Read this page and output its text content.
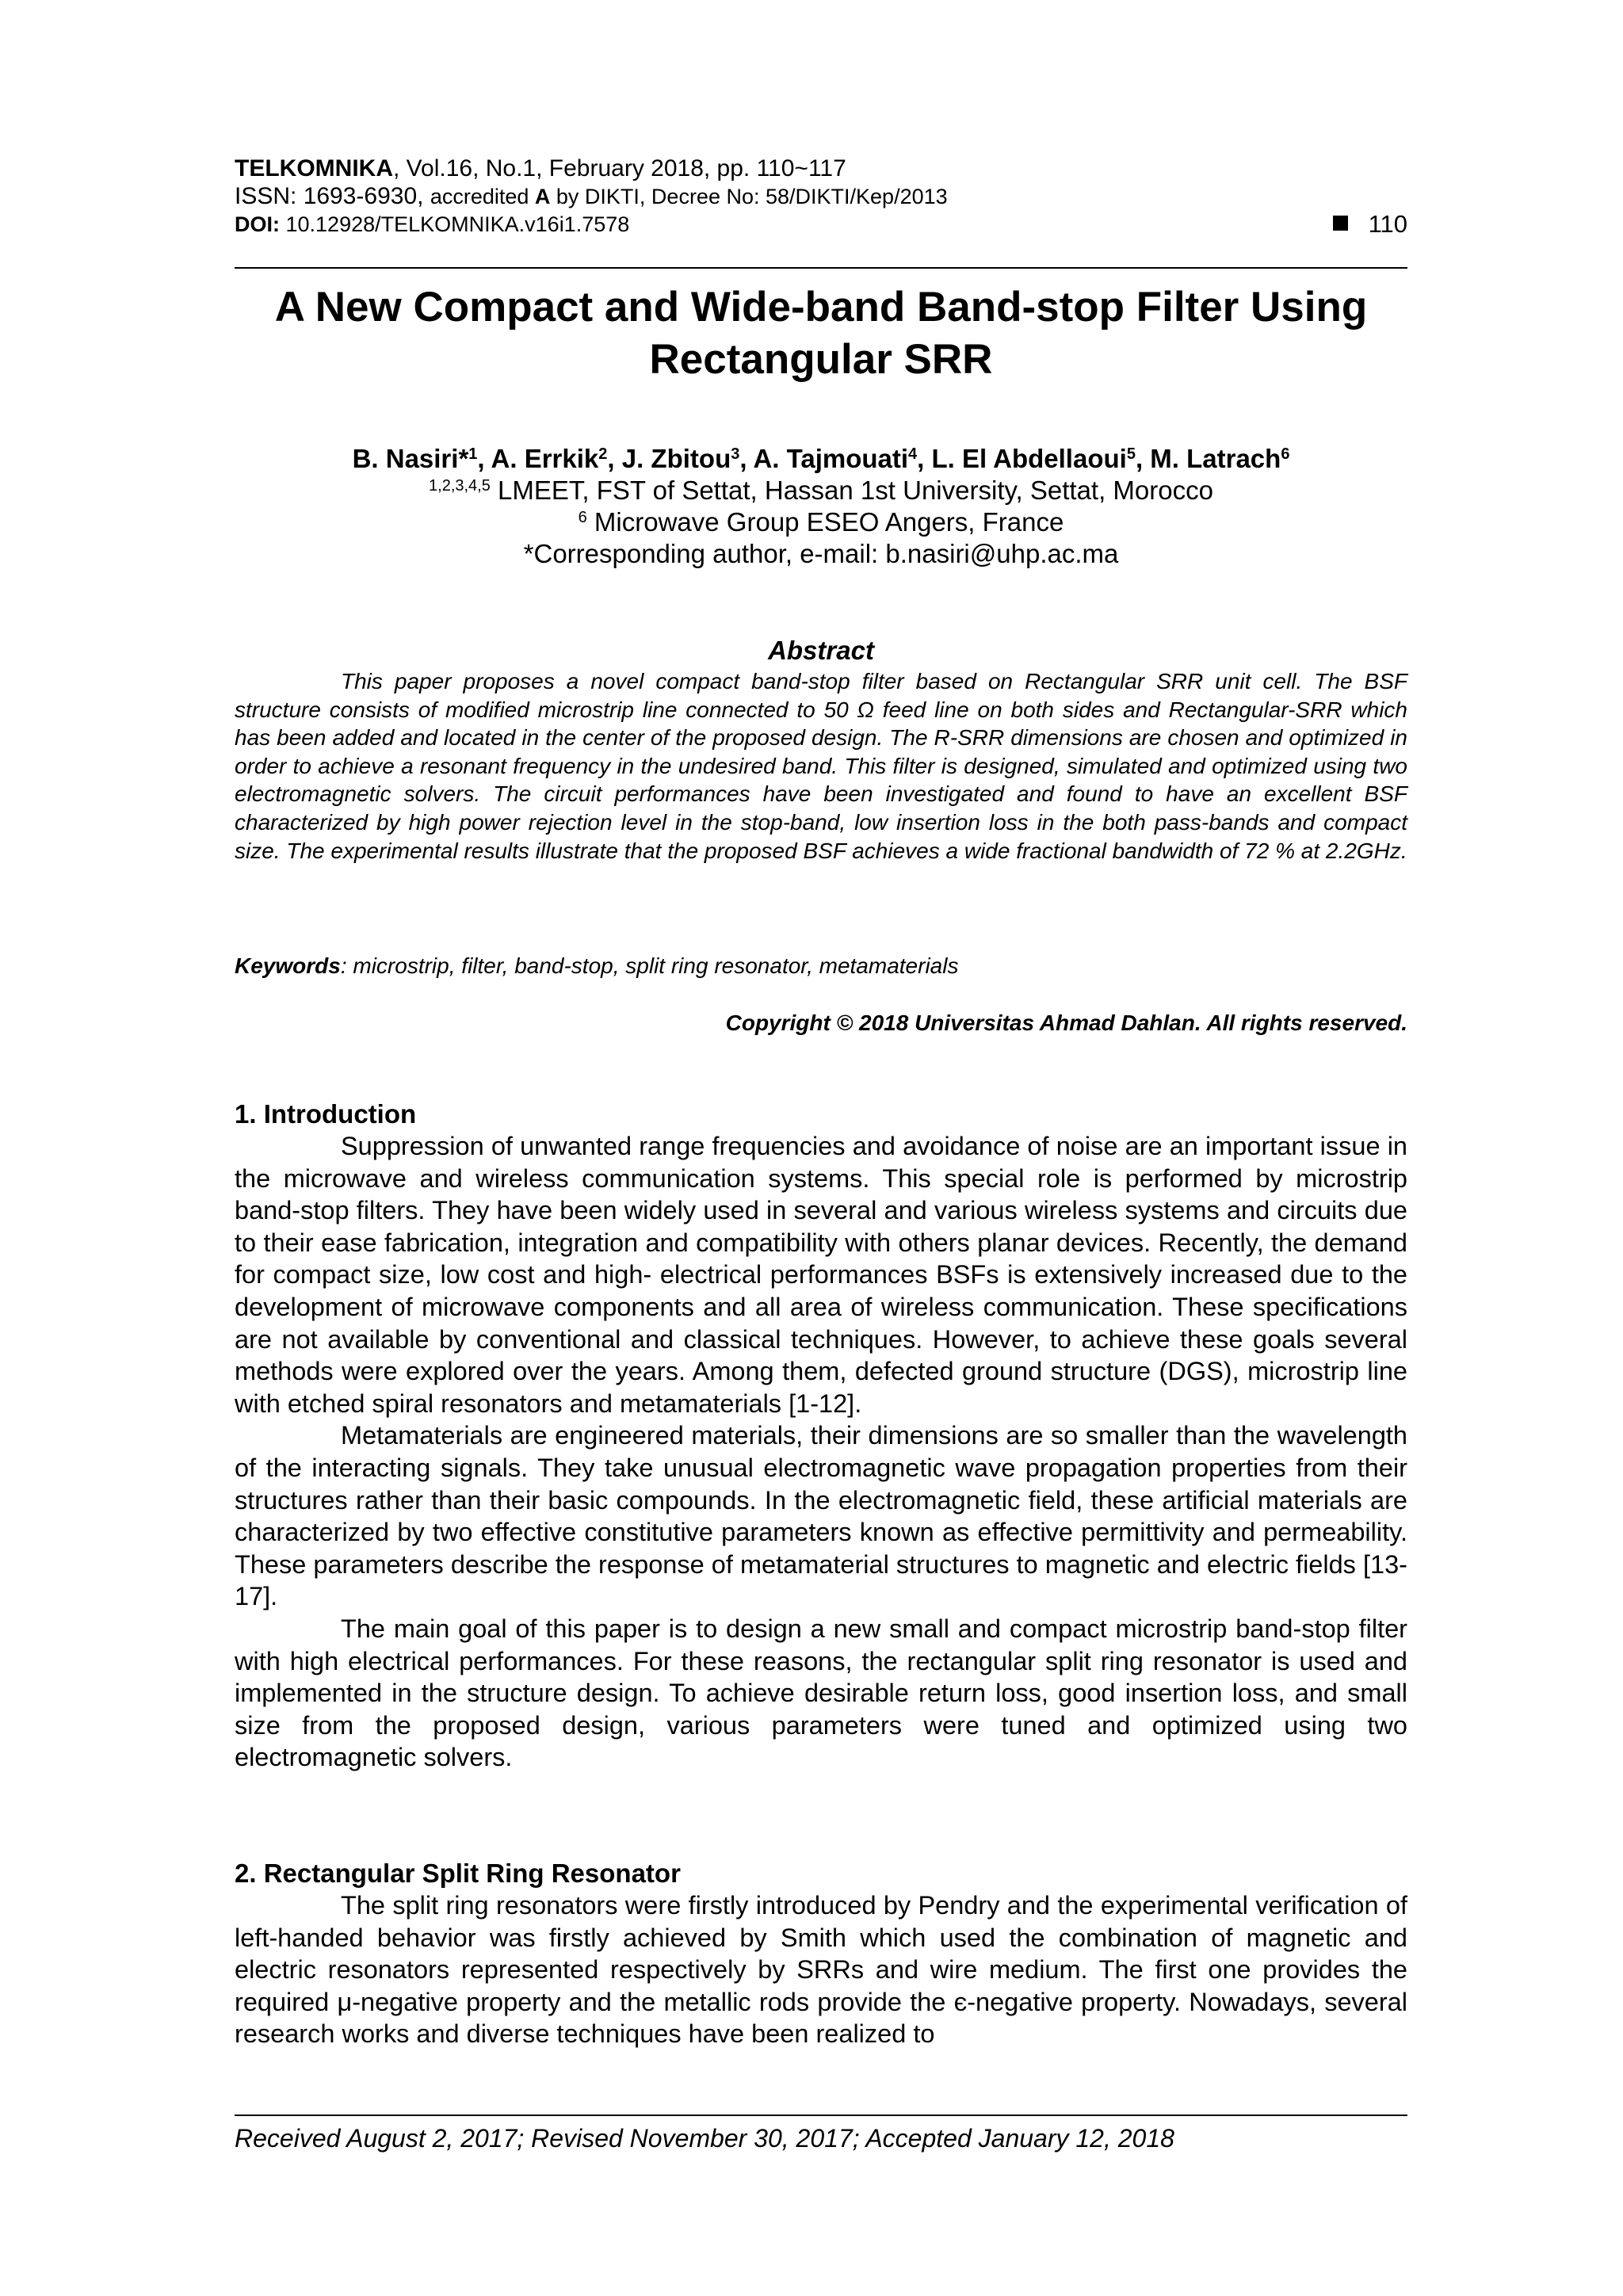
TELKOMNIKA, Vol.16, No.1, February 2018, pp. 110~117
ISSN: 1693-6930, accredited A by DIKTI, Decree No: 58/DIKTI/Kep/2013
DOI: 10.12928/TELKOMNIKA.v16i1.7578	110
A New Compact and Wide-band Band-stop Filter Using
Rectangular SRR
B. Nasiri*$^1$, A. Errkik$^2$, J. Zbitou$^3$, A. Tajmouati$^4$, L. El Abdellaoui$^5$, M. Latrach$^6$
$^{1,2,3,4,5}$ LMEET, FST of Settat, Hassan 1st University, Settat, Morocco
$^6$ Microwave Group ESEO Angers, France
*Corresponding author, e-mail: b.nasiri@uhp.ac.ma
Abstract

This paper proposes a novel compact band-stop filter based on Rectangular SRR unit cell. The BSF structure consists of modified microstrip line connected to 50 Ω feed line on both sides and Rectangular-SRR which has been added and located in the center of the proposed design. The R-SRR dimensions are chosen and optimized in order to achieve a resonant frequency in the undesired band. This filter is designed, simulated and optimized using two electromagnetic solvers. The circuit performances have been investigated and found to have an excellent BSF characterized by high power rejection level in the stop-band, low insertion loss in the both pass-bands and compact size. The experimental results illustrate that the proposed BSF achieves a wide fractional bandwidth of 72 % at 2.2GHz.

Keywords: microstrip, filter, band-stop, split ring resonator, metamaterials
Copyright © 2018 Universitas Ahmad Dahlan. All rights reserved.
1. Introduction

Suppression of unwanted range frequencies and avoidance of noise are an important issue in the microwave and wireless communication systems. This special role is performed by microstrip band-stop filters. They have been widely used in several and various wireless systems and circuits due to their ease fabrication, integration and compatibility with others planar devices. Recently, the demand for compact size, low cost and high- electrical performances BSFs is extensively increased due to the development of microwave components and all area of wireless communication. These specifications are not available by conventional and classical techniques. However, to achieve these goals several methods were explored over the years. Among them, defected ground structure (DGS), microstrip line with etched spiral resonators and metamaterials [1-12].

Metamaterials are engineered materials, their dimensions are so smaller than the wavelength of the interacting signals. They take unusual electromagnetic wave propagation properties from their structures rather than their basic compounds. In the electromagnetic field, these artificial materials are characterized by two effective constitutive parameters known as effective permittivity and permeability. These parameters describe the response of metamaterial structures to magnetic and electric fields [13-17].

The main goal of this paper is to design a new small and compact microstrip band-stop filter with high electrical performances. For these reasons, the rectangular split ring resonator is used and implemented in the structure design. To achieve desirable return loss, good insertion loss, and small size from the proposed design, various parameters were tuned and optimized using two electromagnetic solvers.

2. Rectangular Split Ring Resonator

The split ring resonators were firstly introduced by Pendry and the experimental verification of left-handed behavior was firstly achieved by Smith which used the combination of magnetic and electric resonators represented respectively by SRRs and wire medium. The first one provides the required μ-negative property and the metallic rods provide the є-negative property. Nowadays, several research works and diverse techniques have been realized to

Received August 2, 2017; Revised November 30, 2017; Accepted January 12, 2018
